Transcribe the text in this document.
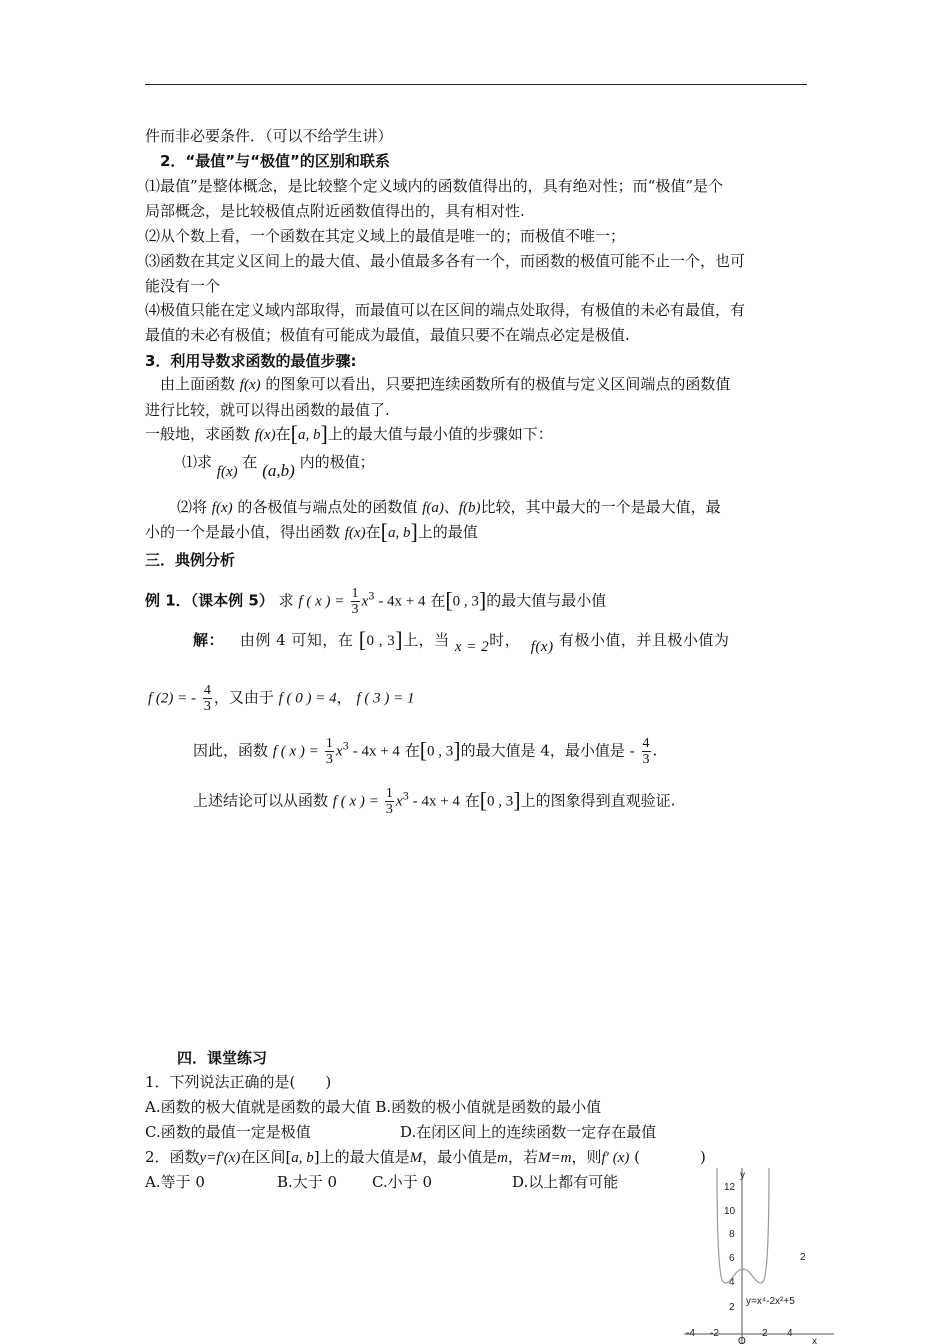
件而非必要条件．（可以不给学生讲）
2．“最值”与“极值”的区别和联系
⑴最值”是整体概念，是比较整个定义域内的函数值得出的，具有绝对性；而“极值”是个
局部概念，是比较极值点附近函数值得出的，具有相对性.
⑵从个数上看，一个函数在其定义域上的最值是唯一的；而极值不唯一；
⑶函数在其定义区间上的最大值、最小值最多各有一个，而函数的极值可能不止一个，也可
能没有一个
⑷极值只能在定义域内部取得，而最值可以在区间的端点处取得，有极值的未必有最值，有
最值的未必有极值；极值有可能成为最值，最值只要不在端点必定是极值.
3．利用导数求函数的最值步骤:
由上面函数 f(x) 的图象可以看出，只要把连续函数所有的极值与定义区间端点的函数值
进行比较，就可以得出函数的最值了.
一般地，求函数 f(x)在[a, b]上的最大值与最小值的步骤如下：
⑴求 f(x) 在 (a,b) 内的极值；
⑵将 f(x) 的各极值与端点处的函数值 f(a)、f(b)比较，其中最大的一个是最大值，最
小的一个是最小值，得出函数 f(x)在[a, b]上的最值
三．典例分析
例 1．（课本例 5） 求 f ( x ) = $\frac{1}{3} x^3 - 4x + 4$ 在[0 , 3]的最大值与最小值
解： 由例 4 可知，在 [0 , 3]上，当 x = 2时， f(x) 有极小值，并且极小值为
f (2) = - $\frac{4}{3}$ ，又由于 f ( 0 ) = 4， f ( 3 ) = 1
因此，函数 f ( x ) = $\frac{1}{3} x^3 - 4x + 4$ 在[0 , 3]的最大值是 4，最小值是 - $\frac{4}{3}$ .
上述结论可以从函数 f ( x ) = $\frac{1}{3} x^3 - 4x + 4$ 在[0 , 3]上的图象得到直观验证.
四．课堂练习
1．下列说法正确的是(　　)
A.函数的极大值就是函数的最大值 B.函数的极小值就是函数的最小值
C.函数的最值一定是极值	D.在闭区间上的连续函数一定存在最值
2．函数y=f′(x)在区间[a, b]上的最大值是M，最小值是m，若M=m，则f′ (x) (　　　　)
A.等于 0	B.大于 0 C.小于 0	D.以上都有可能	y
x
O
12
10
8
6
4
2
-4 -2	2 4
y=x⁴-2x²+5
2
